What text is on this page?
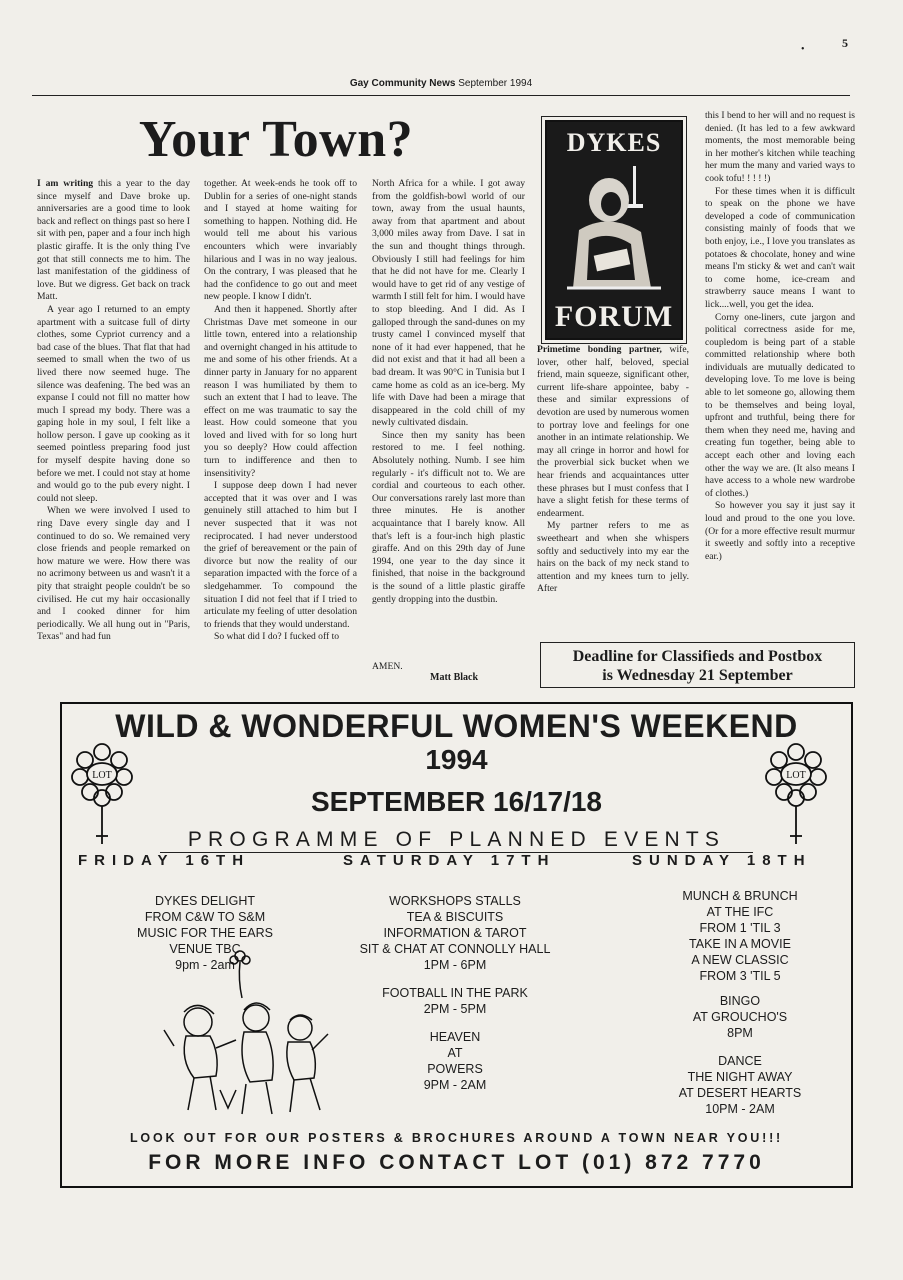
•	5
Gay Community News September 1994
Your Town?

I am writing this a year to the day since myself and Dave broke up. anniversaries are a good time to look back and reflect on things past so here I sit with pen, paper and a four inch high plastic giraffe. It is the only thing I've got that still connects me to him. The last manifestation of the giddiness of love. But we digress. Get back on track Matt.

A year ago I returned to an empty apartment with a suitcase full of dirty clothes, some Cypriot currency and a bad case of the blues. That flat that had seemed to small when the two of us lived there now seemed huge. The silence was deafening. The bed was an expanse I could not fill no matter how much I spread my body. There was a gaping hole in my soul, I felt like a hollow person. I gave up cooking as it seemed pointless preparing food just for myself despite having done so before we met. I could not stay at home and would go to the pub every night. I could not sleep.

When we were involved I used to ring Dave every single day and I continued to do so. We remained very close friends and people remarked on how mature we were. How there was no acrimony between us and wasn't it a pity that straight people couldn't be so civilised. He cut my hair occasionally and I cooked dinner for him periodically. We all hung out in "Paris, Texas" and had fun

together. At week-ends he took off to Dublin for a series of one-night stands and I stayed at home waiting for something to happen. Nothing did. He would tell me about his various encounters which were invariably hilarious and I was in no way jealous. On the contrary, I was pleased that he had the confidence to go out and meet new people. I know I didn't.

And then it happened. Shortly after Christmas Dave met someone in our little town, entered into a relationship and overnight changed in his attitude to me and some of his other friends. At a dinner party in January for no apparent reason I was humiliated by them to such an extent that I had to leave. The effect on me was traumatic to say the least. How could someone that you loved and lived with for so long hurt you so deeply? How could affection turn to indifference and then to insensitivity?

I suppose deep down I had never accepted that it was over and I was genuinely still attached to him but I never suspected that it was not reciprocated. I had never understood the grief of bereavement or the pain of divorce but now the reality of our separation impacted with the force of a sledgehammer. To compound the situation I did not feel that if I tried to articulate my feeling of utter desolation to friends that they would understand.

So what did I do? I fucked off to

North Africa for a while. I got away from the goldfish-bowl world of our town, away from the usual haunts, away from that apartment and about 3,000 miles away from Dave. I sat in the sun and thought things through. Obviously I still had feelings for him that he did not have for me. Clearly I would have to get rid of any vestige of warmth I still felt for him. I would have to stop bleeding. And I did. As I galloped through the sand-dunes on my trusty camel I convinced myself that none of it had ever happened, that he did not exist and that it had all been a bad dream. It was 90°C in Tunisia but I came home as cold as an ice-berg. My life with Dave had been a mirage that disappeared in the cold chill of my newly cultivated disdain.

Since then my sanity has been restored to me. I feel nothing. Absolutely nothing. Numb. I see him regularly - it's difficult not to. We are cordial and courteous to each other. Our conversations rarely last more than three minutes. He is another acquaintance that I barely know. All that's left is a four-inch high plastic giraffe. And on this 29th day of June 1994, one year to the day since it finished, that noise in the background is the sound of a little plastic giraffe gently dropping into the dustbin.

AMEN.
Matt Black
DYKES
FORUM

Primetime bonding partner, wife, lover, other half, beloved, special friend, main squeeze, significant other, current life-share appointee, baby - these and similar expressions of devotion are used by numerous women to portray love and feelings for one another in an intimate relationship. We may all cringe in horror and howl for the proverbial sick bucket when we hear friends and acquaintances utter these phrases but I must confess that I have a slight fetish for these terms of endearment.

My partner refers to me as sweetheart and when she whispers softly and seductively into my ear the hairs on the back of my neck stand to attention and my knees turn to jelly. After

this I bend to her will and no request is denied. (It has led to a few awkward moments, the most memorable being in her mother's kitchen while teaching her mum the many and varied ways to cook tofu! ! ! ! !)

For these times when it is difficult to speak on the phone we have developed a code of communication consisting mainly of foods that we both enjoy, i.e., I love you translates as potatoes & chocolate, honey and wine means I'm sticky & wet and can't wait to come home, ice-cream and strawberry sauce means I want to lick....well, you get the idea.

Corny one-liners, cute jargon and political correctness aside for me, coupledom is being part of a stable committed relationship where both individuals are mutually dedicated to developing love. To me love is being able to let someone go, allowing them to be themselves and being loyal, upfront and truthful, being there for them when they need me, having and creating fun together, being able to accept each other and loving each other the way we are. (It also means I have access to a whole new wardrobe of clothes.)

So however you say it just say it loud and proud to the one you love. (Or for a more effective result murmur it sweetly and softly into a receptive ear.)

Deadline for Classifieds and Postbox
is Wednesday 21 September
WILD & WONDERFUL WOMEN'S WEEKEND
1994
SEPTEMBER 16/17/18
PROGRAMME OF PLANNED EVENTS
LOT	LOT
FRIDAY 16TH	SATURDAY 17TH	SUNDAY 18TH
DYKES DELIGHT
FROM C&W TO S&M
MUSIC FOR THE EARS
VENUE TBC
9pm - 2am
WORKSHOPS STALLS
TEA & BISCUITS
INFORMATION & TAROT
SIT & CHAT AT CONNOLLY HALL
1PM - 6PM
FOOTBALL IN THE PARK
2PM - 5PM
HEAVEN
AT
POWERS
9PM - 2AM
MUNCH & BRUNCH
AT THE IFC
FROM 1 'TIL 3
TAKE IN A MOVIE
A NEW CLASSIC
FROM 3 'TIL 5
BINGO
AT GROUCHO'S
8PM
DANCE
THE NIGHT AWAY
AT DESERT HEARTS
10PM - 2AM
LOOK OUT FOR OUR POSTERS & BROCHURES AROUND A TOWN NEAR YOU!!!
FOR MORE INFO CONTACT LOT (01) 872 7770
